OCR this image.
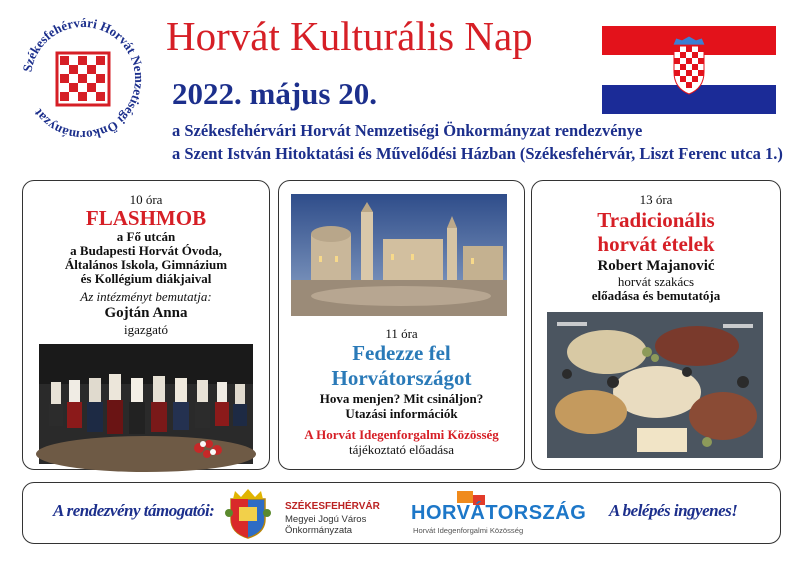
Székesfehérvári Horvát Nemzetiségi Önkormányzat
Horvát Kulturális Nap
2022. május 20.
a Székesfehérvári Horvát Nemzetiségi Önkormányzat rendezvénye
a Szent István Hitoktatási és Művelődési Házban (Székesfehérvár, Liszt Ferenc utca 1.)
10 óra
FLASHMOB
a Fő utcán
a Budapesti Horvát Óvoda,
Általános Iskola, Gimnázium
és Kollégium diákjaival
Az intézményt bemutatja:
Gojtán Anna
igazgató	11 óra
Fedezze fel
Horvátországot
Hova menjen? Mit csináljon?
Utazási információk
A Horvát Idegenforgalmi Közösség
tájékoztató előadása
13 óra
Tradicionális
horvát ételek
Robert Majanović
horvát szakács
előadása és bemutatója
A rendezvény támogatói:	SZÉKESFEHÉRVÁR
Megyei Jogú Város
Önkormányzata
HORVÁTORSZÁG
Horvát Idegenforgalmi Közösség
A belépés ingyenes!
